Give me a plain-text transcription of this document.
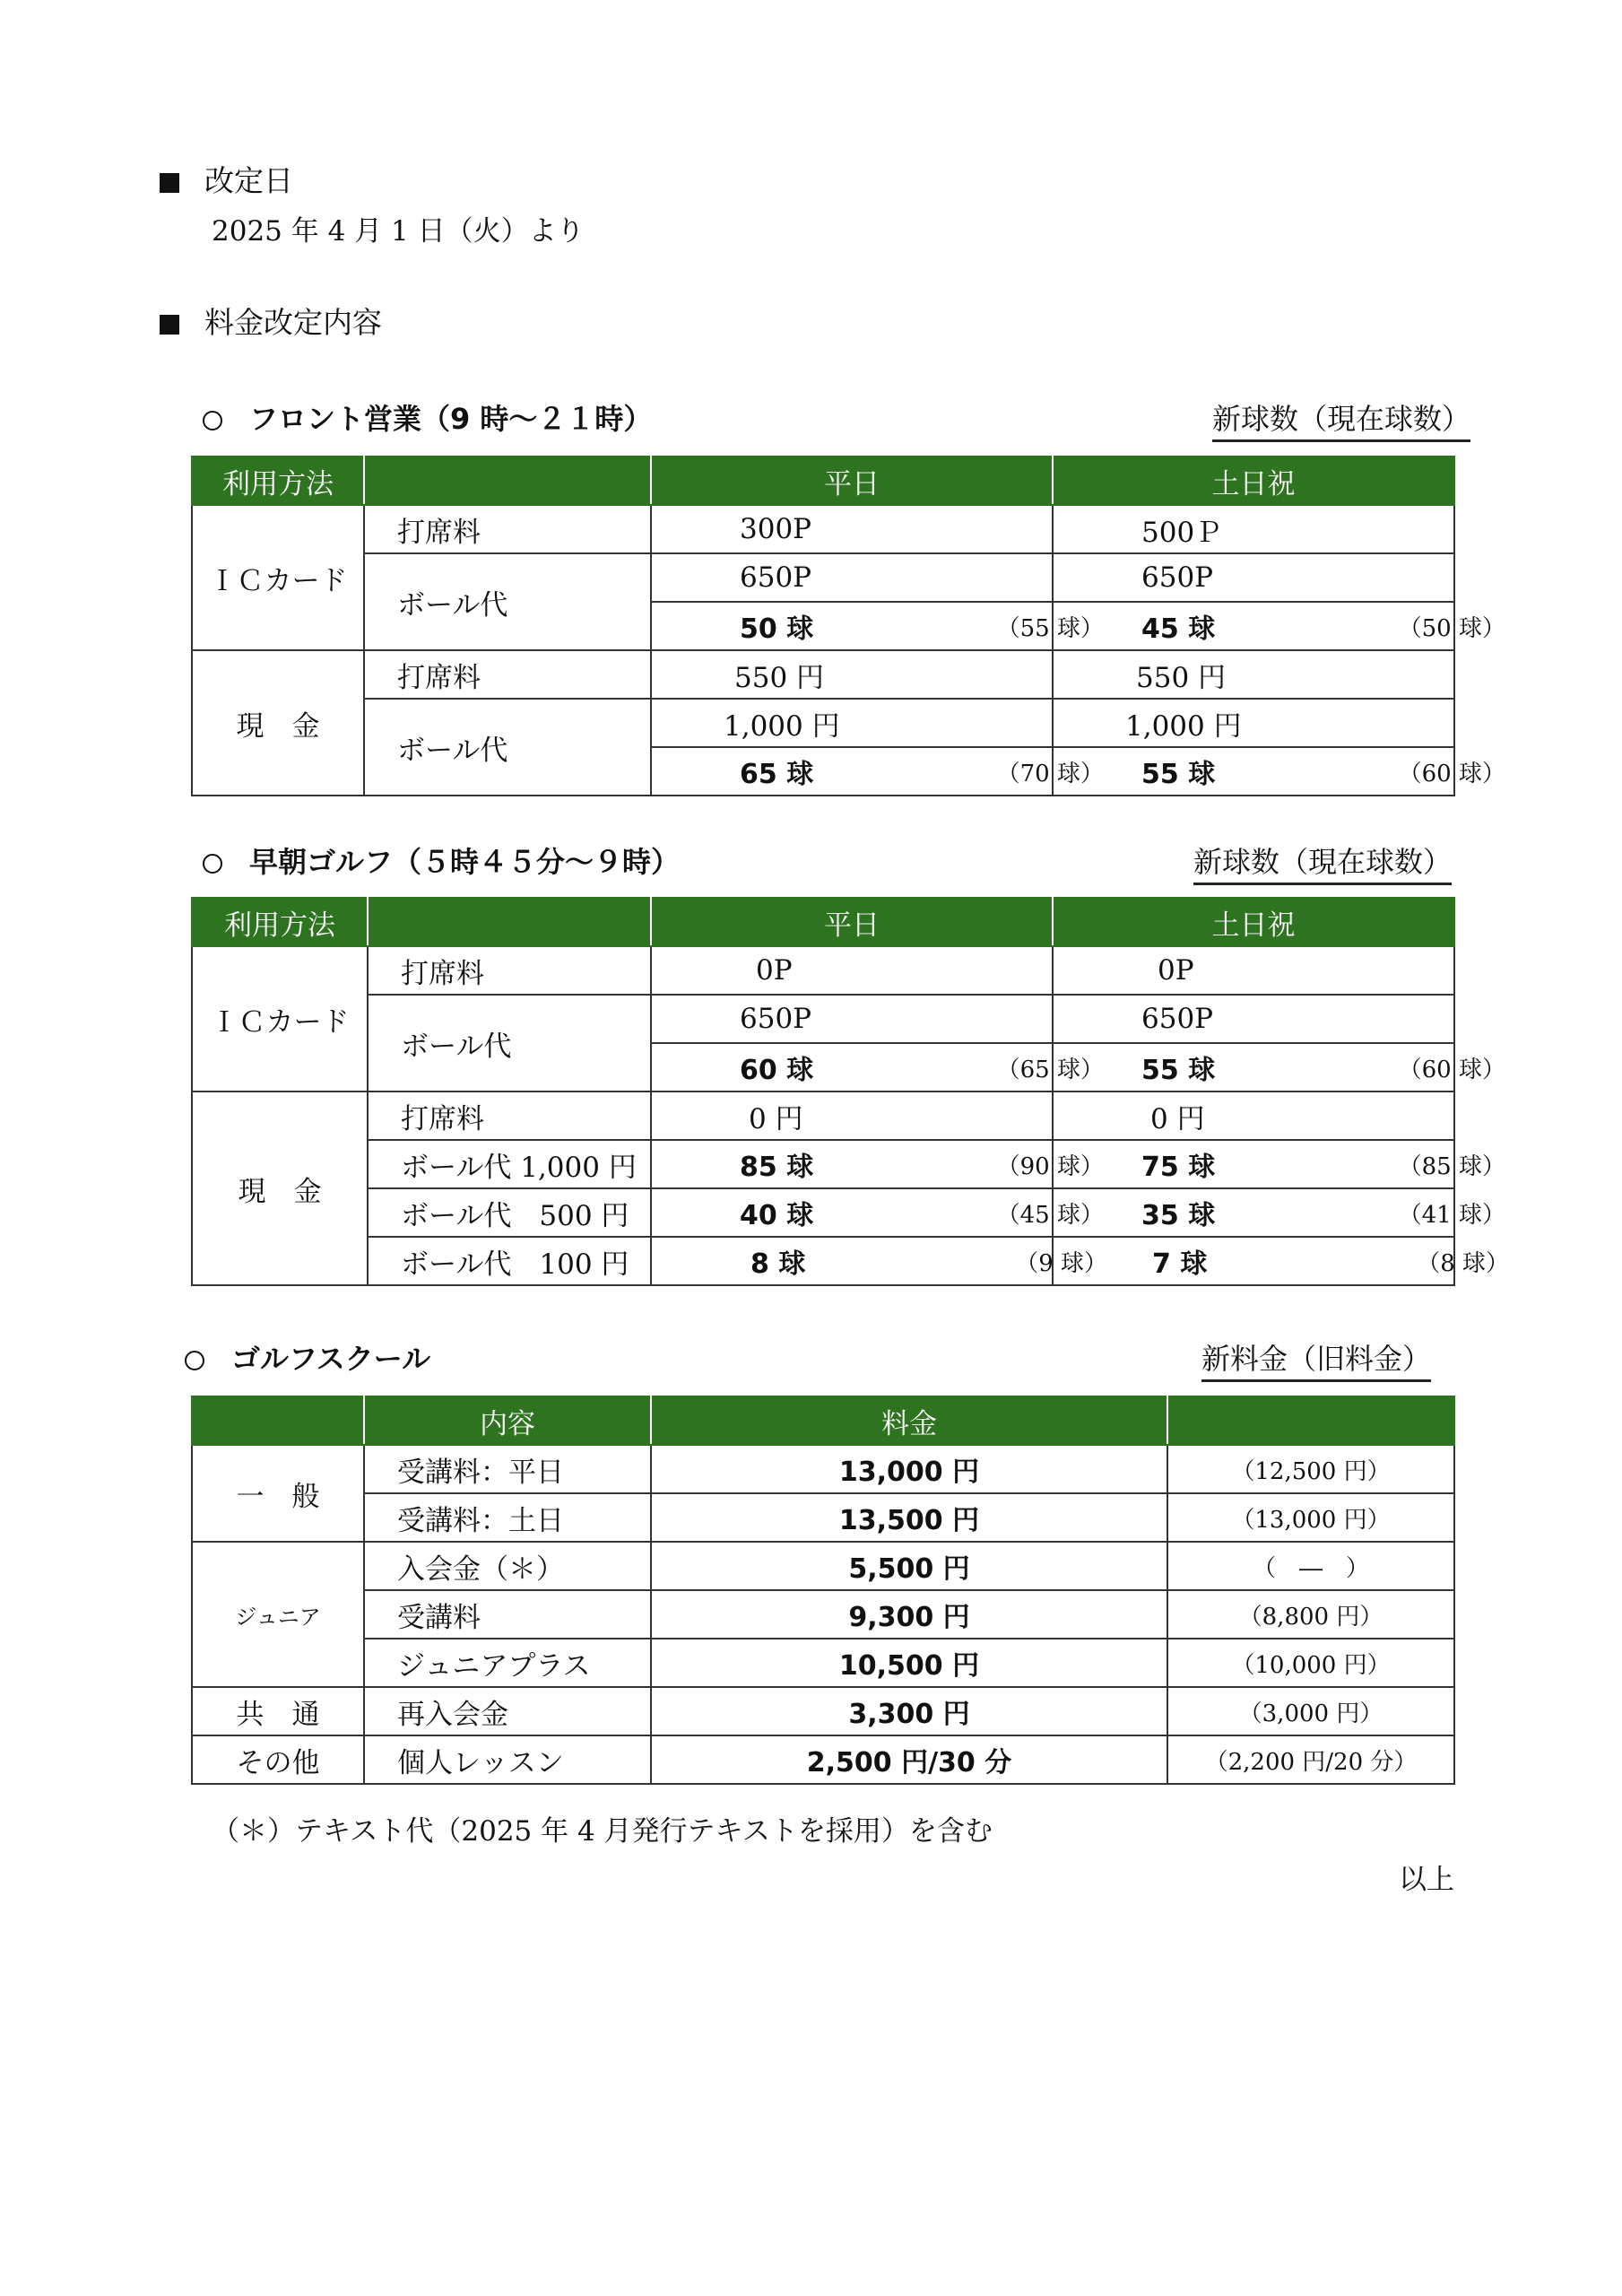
改定日
2025 年 4 月 1 日（火）より
料金改定内容
フロント営業（9 時～２１時）	新球数（現在球数）
利用方法		平日	土日祝
ＩＣカード	打席料	300P	500Ｐ

	ボール代	650P	650P

		50 球 （55 球）	45 球 （50 球）

現　金	打席料	550 円	550 円

	ボール代	1,000 円	1,000 円

		65 球 （70 球）	55 球 （60 球）
早朝ゴルフ（５時４５分～９時）	新球数（現在球数）
利用方法		平日	土日祝
ＩＣカード	打席料	0P	0P

	ボール代	650P	650P

		60 球 （65 球）	55 球 （60 球）

現　金	打席料	0 円	0 円

	ボール代 1,000 円	85 球 （90 球）	75 球 （85 球）

	ボール代　500 円	40 球 （45 球）	35 球 （41 球）

	ボール代　100 円	8 球 （9 球）	7 球 （8 球）
ゴルフスクール	新料金（旧料金）
	内容	料金	
一　般	受講料：平日	13,000 円	（12,500 円）

	受講料：土日	13,500 円	（13,000 円）

ジュニア	入会金（＊）	5,500 円	（　―　）

	受講料	9,300 円	（8,800 円）

	ジュニアプラス	10,500 円	（10,000 円）

共　通	再入会金	3,300 円	（3,000 円）

その他	個人レッスン	2,500 円/30 分	（2,200 円/20 分）
（＊）テキスト代（2025 年 4 月発行テキストを採用）を含む
以上
